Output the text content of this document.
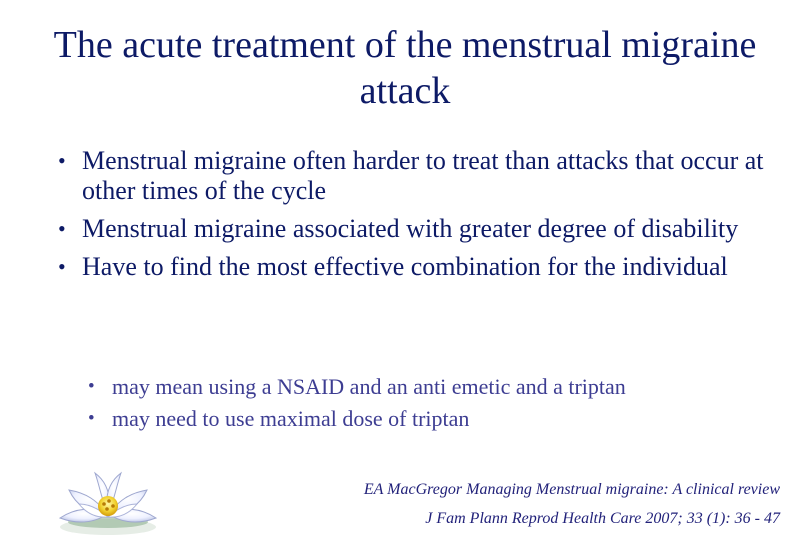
The acute treatment of the menstrual migraine attack
• Menstrual migraine often harder to treat than attacks that occur at other times of the cycle
• Menstrual migraine associated with greater degree of disability
• Have to find the most effective combination for the individual
• may mean using a NSAID and an anti emetic and a triptan
• may need to use maximal dose of triptan
EA MacGregor Managing Menstrual migraine: A clinical review
J Fam Plann Reprod Health Care 2007; 33 (1): 36 - 47
